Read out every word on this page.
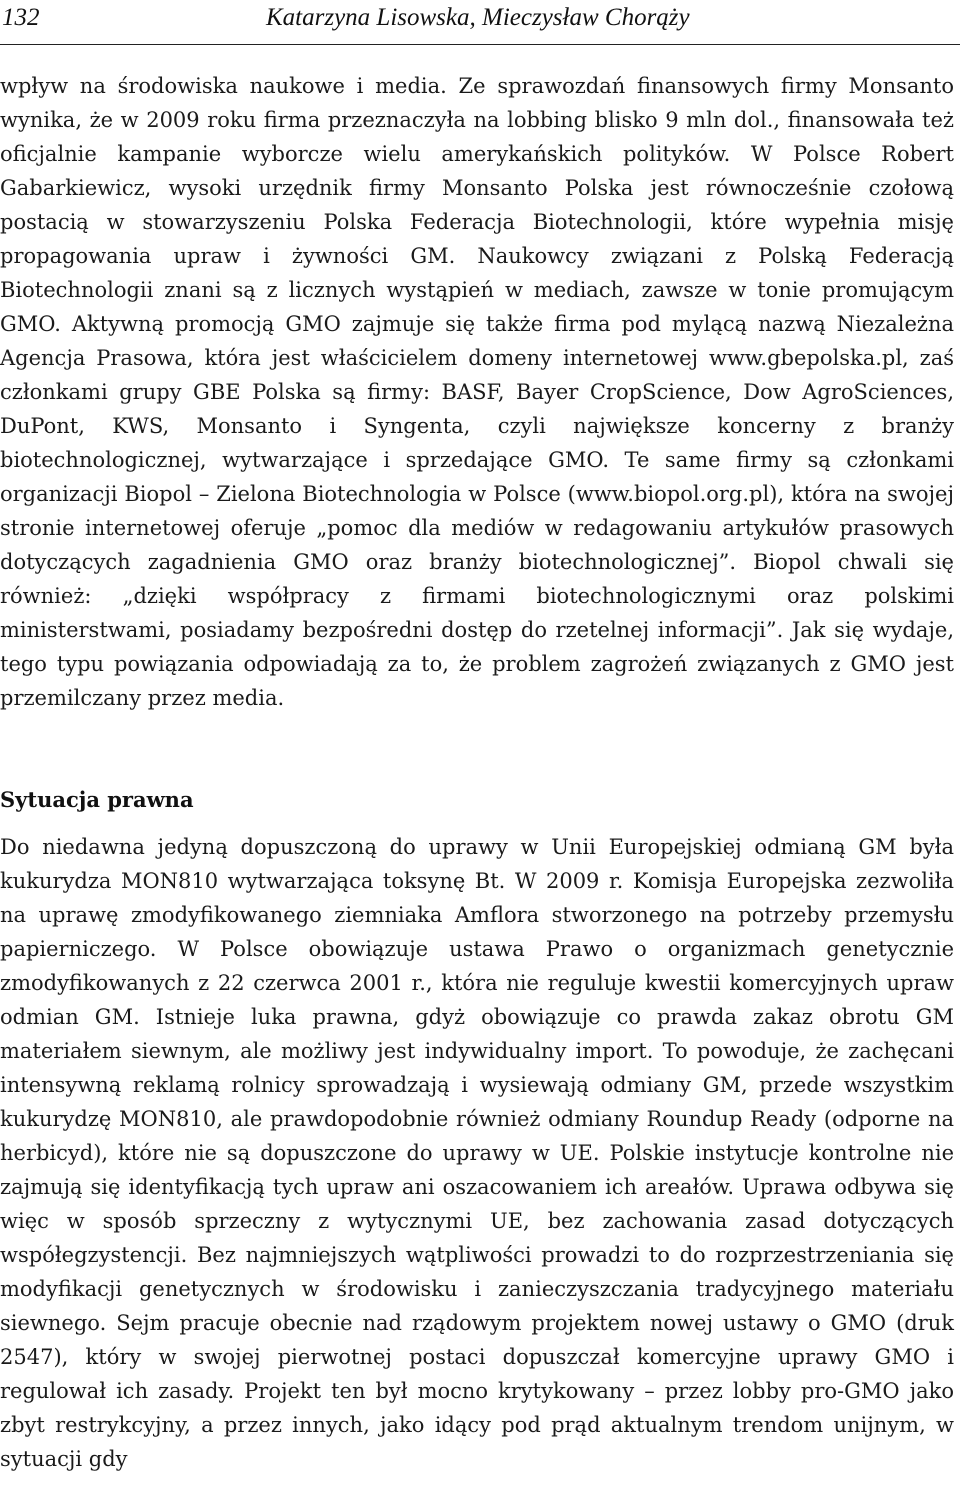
132	Katarzyna Lisowska, Mieczysław Chorąży

wpływ na środowiska naukowe i media. Ze sprawozdań finansowych firmy Monsanto wynika, że w 2009 roku firma przeznaczyła na lobbing blisko 9 mln dol., finansowała też oficjalnie kampanie wyborcze wielu amerykańskich polityków. W Polsce Robert Gabarkiewicz, wysoki urzędnik firmy Monsanto Polska jest równocześnie czołową postacią w stowarzyszeniu Polska Federacja Biotechnologii, które wypełnia misję propagowania upraw i żywności GM. Naukowcy związani z Polską Federacją Biotechnologii znani są z licznych wystąpień w mediach, zawsze w tonie promującym GMO. Aktywną promocją GMO zajmuje się także firma pod mylącą nazwą Niezależna Agencja Prasowa, która jest właścicielem domeny internetowej www.gbepolska.pl, zaś członkami grupy GBE Polska są firmy: BASF, Bayer CropScience, Dow AgroSciences, DuPont, KWS, Monsanto i Syngenta, czyli największe koncerny z branży biotechnologicznej, wytwarzające i sprzedające GMO. Te same firmy są członkami organizacji Biopol – Zielona Biotechnologia w Polsce (www.biopol.org.pl), która na swojej stronie internetowej oferuje „pomoc dla mediów w redagowaniu artykułów prasowych dotyczących zagadnienia GMO oraz branży biotechnologicznej”. Biopol chwali się również: „dzięki współpracy z firmami biotechnologicznymi oraz polskimi ministerstwami, posiadamy bezpośredni dostęp do rzetelnej informacji”. Jak się wydaje, tego typu powiązania odpowiadają za to, że problem zagrożeń związanych z GMO jest przemilczany przez media.

Sytuacja prawna

Do niedawna jedyną dopuszczoną do uprawy w Unii Europejskiej odmianą GM była kukurydza MON810 wytwarzająca toksynę Bt. W 2009 r. Komisja Europejska zezwoliła na uprawę zmodyfikowanego ziemniaka Amflora stworzonego na potrzeby przemysłu papierniczego. W Polsce obowiązuje ustawa Prawo o organizmach genetycznie zmodyfikowanych z 22 czerwca 2001 r., która nie reguluje kwestii komercyjnych upraw odmian GM. Istnieje luka prawna, gdyż obowiązuje co prawda zakaz obrotu GM materiałem siewnym, ale możliwy jest indywidualny import. To powoduje, że zachęcani intensywną reklamą rolnicy sprowadzają i wysiewają odmiany GM, przede wszystkim kukurydzę MON810, ale prawdopodobnie również odmiany Roundup Ready (odporne na herbicyd), które nie są dopuszczone do uprawy w UE. Polskie instytucje kontrolne nie zajmują się identyfikacją tych upraw ani oszacowaniem ich areałów. Uprawa odbywa się więc w sposób sprzeczny z wytycznymi UE, bez zachowania zasad dotyczących współegzystencji. Bez najmniejszych wątpliwości prowadzi to do rozprzestrzeniania się modyfikacji genetycznych w środowisku i zanieczyszczania tradycyjnego materiału siewnego. Sejm pracuje obecnie nad rządowym projektem nowej ustawy o GMO (druk 2547), który w swojej pierwotnej postaci dopuszczał komercyjne uprawy GMO i regulował ich zasady. Projekt ten był mocno krytykowany – przez lobby pro-GMO jako zbyt restrykcyjny, a przez innych, jako idący pod prąd aktualnym trendom unijnym, w sytuacji gdy
